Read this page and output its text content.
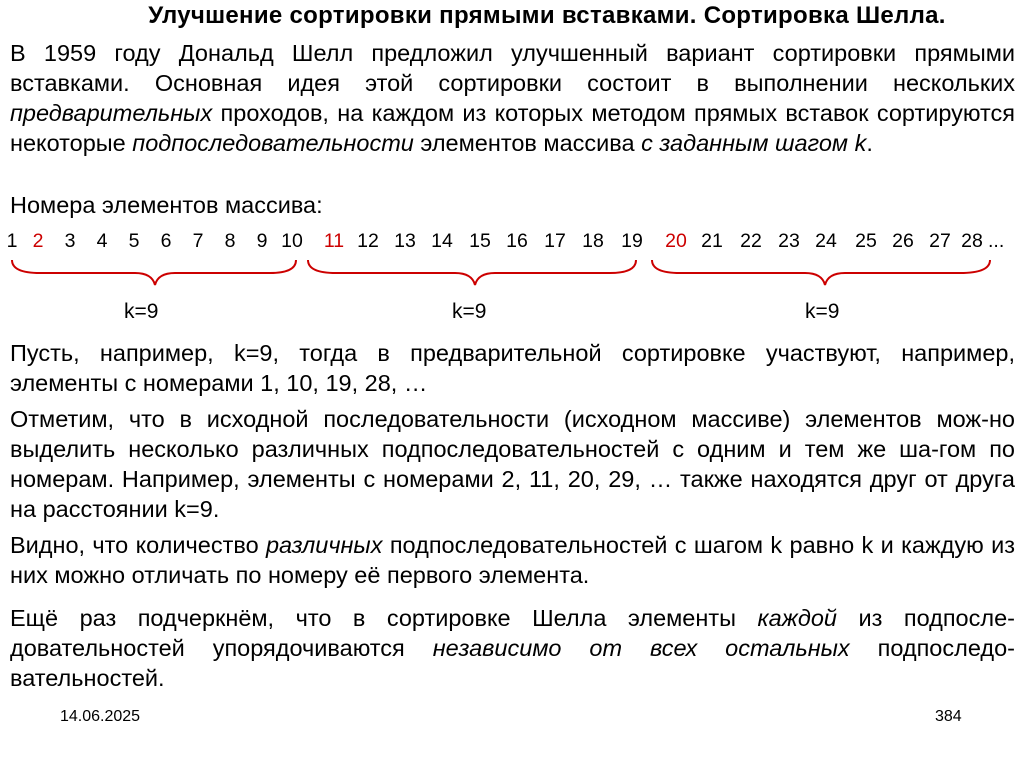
Улучшение сортировки прямыми вставками. Сортировка Шелла.

В 1959 году Дональд Шелл предложил улучшенный вариант сортировки прямыми вставками. Основная идея этой сортировки состоит в выполнении нескольких предварительных проходов, на каждом из которых методом прямых вставок сортируются некоторые подпоследовательности элементов массива с заданным шагом k.

Номера элементов массива:

1 2	3	4	5	6	7	8	9 10 11 12 13 14 15 16 17 18 19 20 21 22 23 24 25 26 27 28 ...
k=9	k=9	k=9

Пусть, например, k=9, тогда в предварительной сортировке участвуют, например, элементы с номерами 1, 10, 19, 28, …

Отметим, что в исходной последовательности (исходном массиве) элементов мож-но выделить несколько различных подпоследовательностей с одним и тем же ша-гом по номерам. Например, элементы с номерами 2, 11, 20, 29, … также находятся друг от друга на расстоянии k=9.

Видно, что количество различных подпоследовательностей с шагом k равно k и каждую из них можно отличать по номеру её первого элемента.

Ещё раз подчеркнём, что в сортировке Шелла элементы каждой из подпосле-довательностей упорядочиваются независимо от всех остальных подпоследо-вательностей.

14.06.2025	384
